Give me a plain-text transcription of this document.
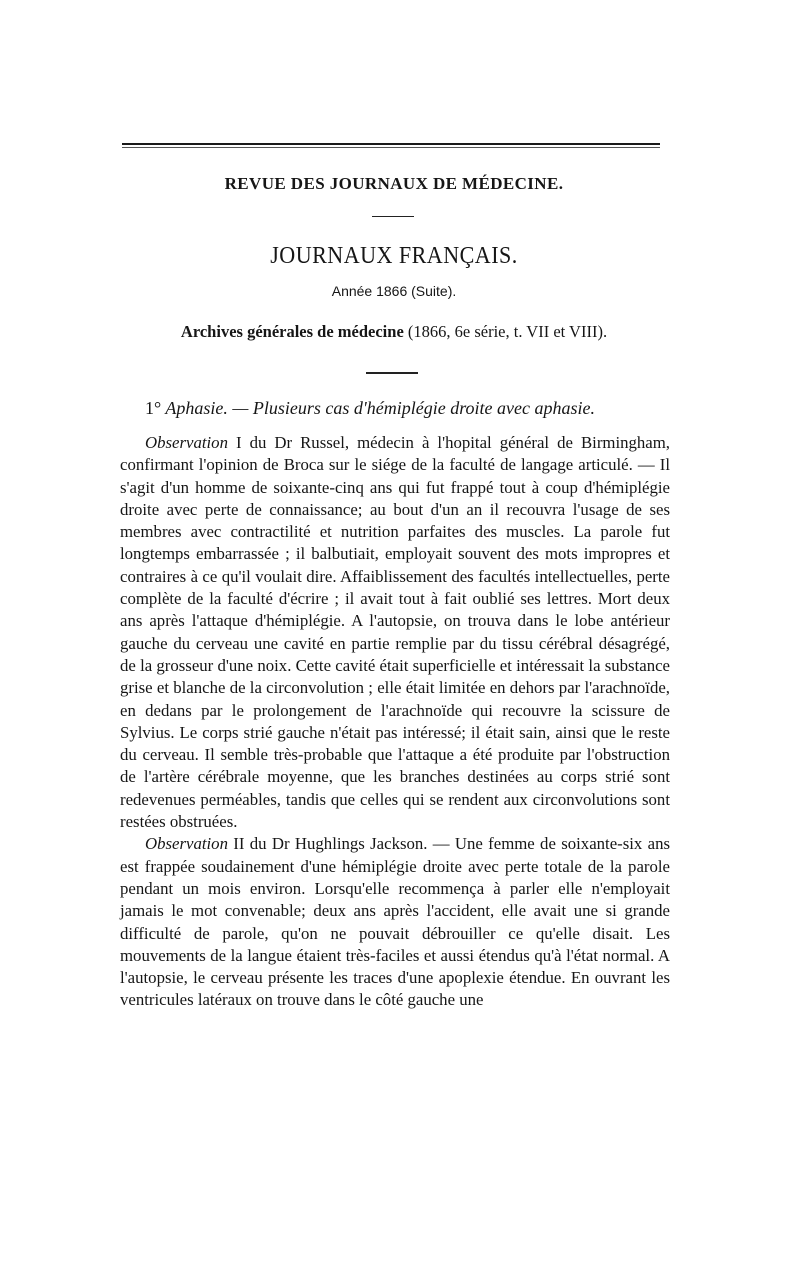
REVUE DES JOURNAUX DE MÉDECINE.
JOURNAUX FRANÇAIS.
Année 1866 (Suite).
Archives générales de médecine (1866, 6e série, t. VII et VIII).
1° Aphasie. — Plusieurs cas d'hémiplégie droite avec aphasie.

Observation I du Dr Russel, médecin à l'hopital général de Birmingham, confirmant l'opinion de Broca sur le siége de la faculté de langage articulé. — Il s'agit d'un homme de soixante-cinq ans qui fut frappé tout à coup d'hémiplégie droite avec perte de connaissance; au bout d'un an il recouvra l'usage de ses membres avec contractilité et nutrition parfaites des muscles. La parole fut longtemps embarrassée ; il balbutiait, employait souvent des mots impropres et contraires à ce qu'il voulait dire. Affaiblissement des facultés intellectuelles, perte complète de la faculté d'écrire ; il avait tout à fait oublié ses lettres. Mort deux ans après l'attaque d'hémiplégie. A l'autopsie, on trouva dans le lobe antérieur gauche du cerveau une cavité en partie remplie par du tissu cérébral désagrégé, de la grosseur d'une noix. Cette cavité était superficielle et intéressait la substance grise et blanche de la circonvolution ; elle était limitée en dehors par l'arachnoïde, en dedans par le prolongement de l'arachnoïde qui recouvre la scissure de Sylvius. Le corps strié gauche n'était pas intéressé; il était sain, ainsi que le reste du cerveau. Il semble très-probable que l'attaque a été produite par l'obstruction de l'artère cérébrale moyenne, que les branches destinées au corps strié sont redevenues perméables, tandis que celles qui se rendent aux circonvolutions sont restées obstruées.

Observation II du Dr Hughlings Jackson. — Une femme de soixante-six ans est frappée soudainement d'une hémiplégie droite avec perte totale de la parole pendant un mois environ. Lorsqu'elle recommença à parler elle n'employait jamais le mot convenable; deux ans après l'accident, elle avait une si grande difficulté de parole, qu'on ne pouvait débrouiller ce qu'elle disait. Les mouvements de la langue étaient très-faciles et aussi étendus qu'à l'état normal. A l'autopsie, le cerveau présente les traces d'une apoplexie étendue. En ouvrant les ventricules latéraux on trouve dans le côté gauche une
